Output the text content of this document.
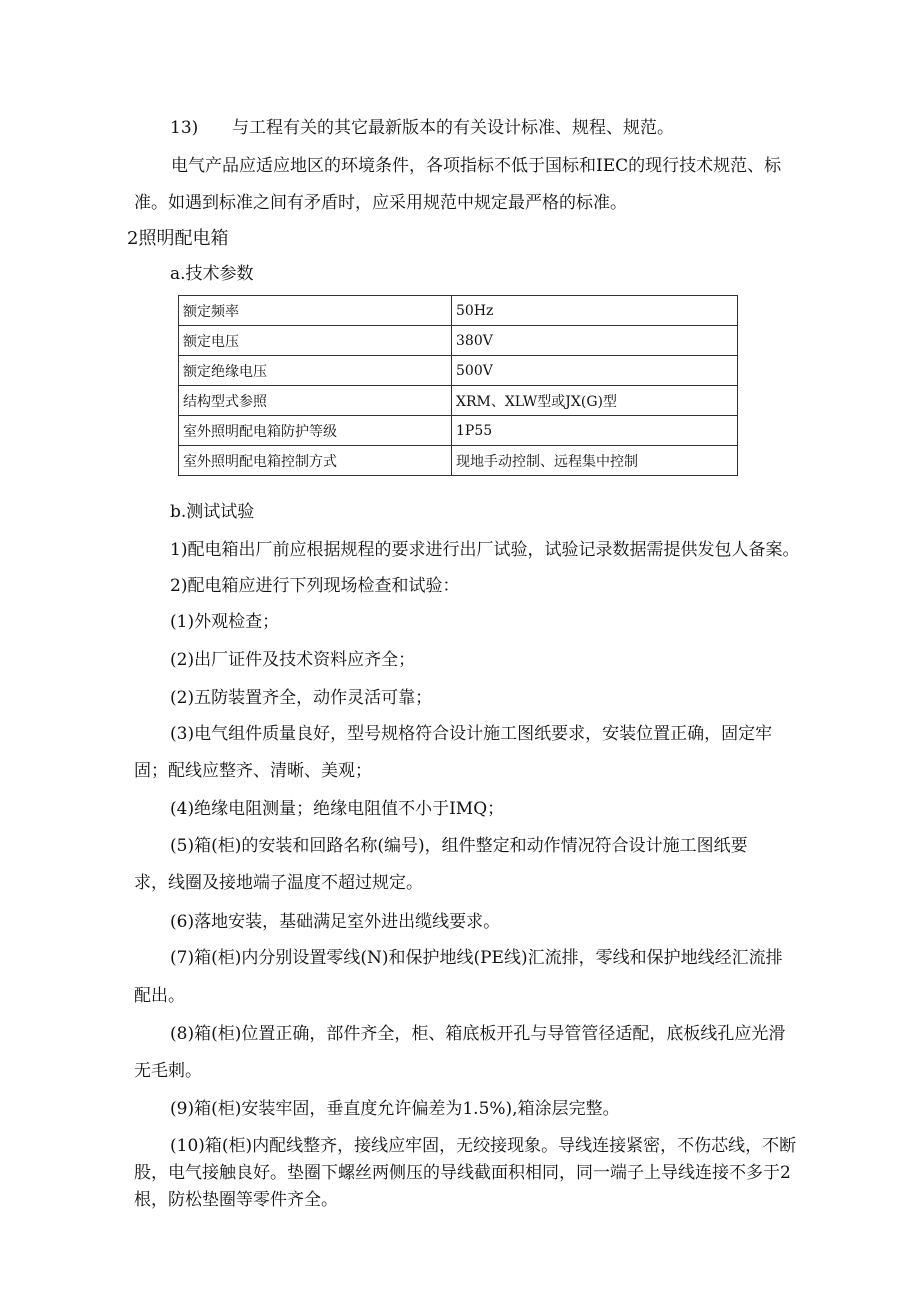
13) 与工程有关的其它最新版本的有关设计标准、规程、规范。
电气产品应适应地区的环境条件，各项指标不低于国标和IEC的现行技术规范、标
准。如遇到标准之间有矛盾时，应采用规范中规定最严格的标准。
2照明配电箱
a.技术参数
额定频率	50Hz
额定电压	380V
额定绝缘电压	500V
结构型式参照	XRM、XLW型或JX(G)型
室外照明配电箱防护等级	1P55
室外照明配电箱控制方式	现地手动控制、远程集中控制
b.测试试验
1)配电箱出厂前应根据规程的要求进行出厂试验，试验记录数据需提供发包人备案。
2)配电箱应进行下列现场检查和试验：
(1)外观检查；
(2)出厂证件及技术资料应齐全；
(2)五防装置齐全，动作灵活可靠；
(3)电气组件质量良好，型号规格符合设计施工图纸要求，安装位置正确，固定牢
固；配线应整齐、清晰、美观；
(4)绝缘电阻测量；绝缘电阻值不小于IMQ；
(5)箱(柜)的安装和回路名称(编号)，组件整定和动作情况符合设计施工图纸要
求，线圈及接地端子温度不超过规定。
(6)落地安装，基础满足室外进出缆线要求。
(7)箱(柜)内分别设置零线(N)和保护地线(PE线)汇流排，零线和保护地线经汇流排
配出。
(8)箱(柜)位置正确，部件齐全，柜、箱底板开孔与导管管径适配，底板线孔应光滑
无毛刺。
(9)箱(柜)安装牢固，垂直度允许偏差为1.5%),箱涂层完整。
(10)箱(柜)内配线整齐，接线应牢固，无绞接现象。导线连接紧密，不伤芯线，不断
股，电气接触良好。垫圈下螺丝两侧压的导线截面积相同，同一端子上导线连接不多于2
根，防松垫圈等零件齐全。
